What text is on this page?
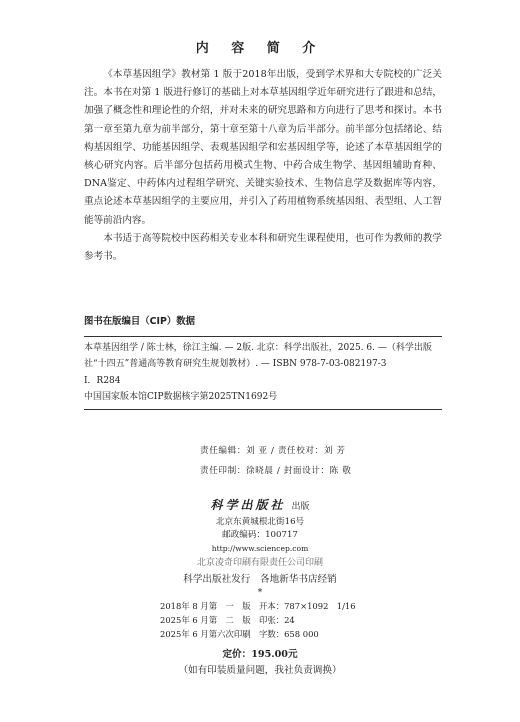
内 容 简 介

《本草基因组学》教材第 1 版于2018年出版，受到学术界和大专院校的广泛关注。本书在对第 1 版进行修订的基础上对本草基因组学近年研究进行了跟进和总结，加强了概念性和理论性的介绍，并对未来的研究思路和方向进行了思考和探讨。本书第一章至第九章为前半部分，第十章至第十八章为后半部分。前半部分包括绪论、结构基因组学、功能基因组学、表观基因组学和宏基因组学等，论述了本草基因组学的核心研究内容。后半部分包括药用模式生物、中药合成生物学、基因组辅助育种、DNA鉴定、中药体内过程组学研究、关键实验技术、生物信息学及数据库等内容，重点论述本草基因组学的主要应用，并引入了药用植物系统基因组、表型组、人工智能等前沿内容。

本书适于高等院校中医药相关专业本科和研究生课程使用，也可作为教师的教学参考书。

图书在版编目（CIP）数据

本草基因组学 / 陈士林，徐江主编. — 2版. 北京：科学出版社，2025. 6. —（科学出版社“十四五”普通高等教育研究生规划教材）. — ISBN 978-7-03-082197-3

Ⅰ．R284

中国国家版本馆CIP数据核字第2025TN1692号

责任编辑：刘 亚 / 责任校对：刘 芳
责任印制：徐晓晨 / 封面设计：陈 敬
科学出版社 出版
北京东黄城根北街16号
邮政编码：100717
http://www.sciencep.com
北京凌奇印刷有限责任公司印刷
科学出版社发行　各地新华书店经销
*
2018年 8 月第　一　版　开本：787×1092　1/16
2025年 6 月第　二　版　印张：24
2025年 6 月第六次印刷　字数：658 000
定价：195.00元
（如有印装质量问题，我社负责调换）
